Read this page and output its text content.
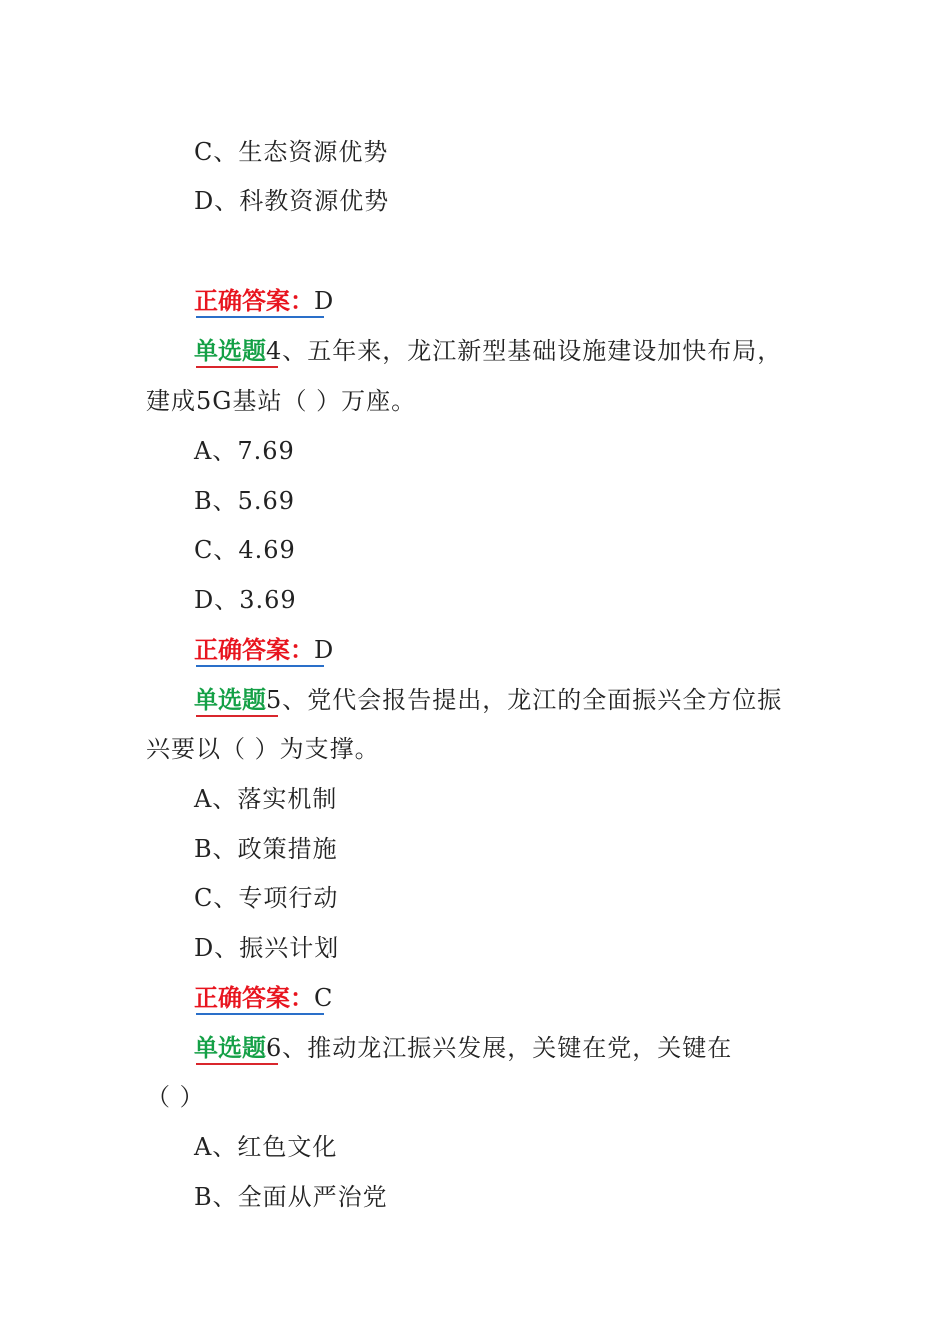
C、生态资源优势
D、科教资源优势
正确答案：
D
单选题
4、五年来，龙江新型基础设施建设加快布局，
建成5G基站（ ）万座。
A、7.69
B、5.69
C、4.69
D、3.69
正确答案：
D
单选题
5、党代会报告提出，龙江的全面振兴全方位振
兴要以（ ）为支撑。
A、落实机制
B、政策措施
C、专项行动
D、振兴计划
正确答案：
C
单选题
6、推动龙江振兴发展，关键在党，关键在
（ ）
A、红色文化
B、全面从严治党
